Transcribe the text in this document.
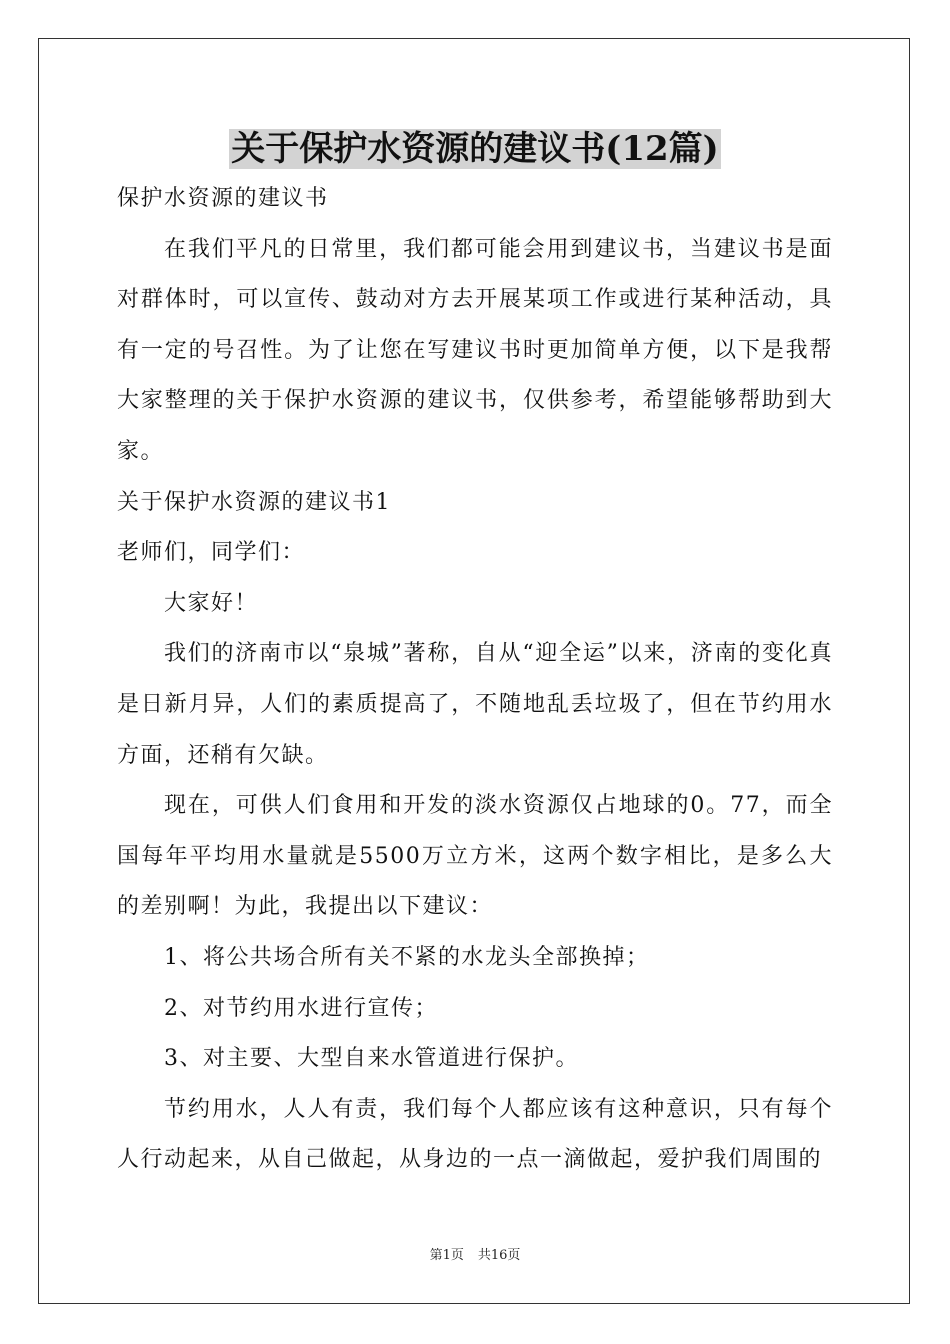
关于保护水资源的建议书(12篇)

保护水资源的建议书

在我们平凡的日常里，我们都可能会用到建议书，当建议书是面对群体时，可以宣传、鼓动对方去开展某项工作或进行某种活动，具有一定的号召性。为了让您在写建议书时更加简单方便，以下是我帮大家整理的关于保护水资源的建议书，仅供参考，希望能够帮助到大家。

关于保护水资源的建议书1

老师们，同学们：

大家好！

我们的济南市以“泉城”著称，自从“迎全运”以来，济南的变化真是日新月异，人们的素质提高了，不随地乱丢垃圾了，但在节约用水方面，还稍有欠缺。

现在，可供人们食用和开发的淡水资源仅占地球的0。77，而全国每年平均用水量就是5500万立方米，这两个数字相比，是多么大的差别啊！为此，我提出以下建议：

1、将公共场合所有关不紧的水龙头全部换掉；

2、对节约用水进行宣传；

3、对主要、大型自来水管道进行保护。

节约用水，人人有责，我们每个人都应该有这种意识，只有每个人行动起来，从自己做起，从身边的一点一滴做起，爱护我们周围的

第1页 共16页
